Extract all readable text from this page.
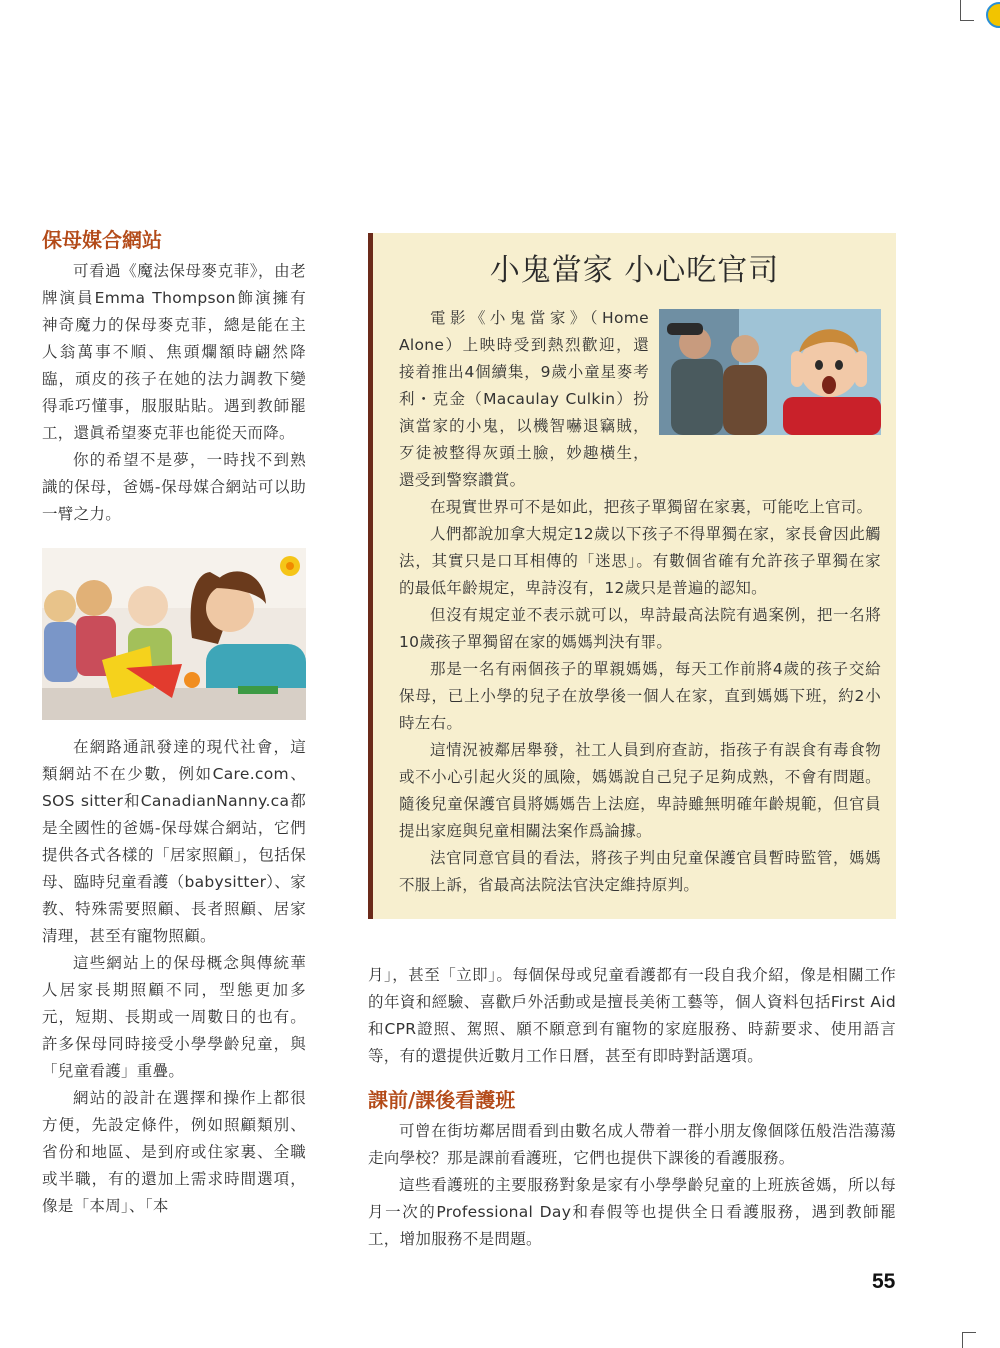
保母媒合網站

可看過《魔法保母麥克菲》，由老牌演員Emma Thompson飾演擁有神奇魔力的保母麥克菲，總是能在主人翁萬事不順、焦頭爛額時翩然降臨，頑皮的孩子在她的法力調教下變得乖巧懂事，服服貼貼。遇到教師罷工，還眞希望麥克菲也能從天而降。

你的希望不是夢，一時找不到熟識的保母，爸媽-保母媒合網站可以助一臂之力。

在網路通訊發達的現代社會，這類網站不在少數，例如Care.com、SOS sitter和CanadianNanny.ca都是全國性的爸媽-保母媒合網站，它們提供各式各樣的「居家照顧」，包括保母、臨時兒童看護（babysitter）、家教、特殊需要照顧、長者照顧、居家清理，甚至有寵物照顧。

這些網站上的保母概念與傳統華人居家長期照顧不同，型態更加多元，短期、長期或一周數日的也有。許多保母同時接受小學學齡兒童，與「兒童看護」重疊。

網站的設計在選擇和操作上都很方便，先設定條件，例如照顧類別、省份和地區、是到府或住家裏、全職或半職，有的還加上需求時間選項，像是「本周」、「本

小鬼當家 小心吃官司

電影《小鬼當家》（Home Alone）上映時受到熱烈歡迎，還接着推出4個續集，9歲小童星麥考利・克金（Macaulay Culkin）扮演當家的小鬼，以機智嚇退竊賊，歹徒被整得灰頭土臉，妙趣橫生，還受到警察讚賞。

在現實世界可不是如此，把孩子單獨留在家裏，可能吃上官司。

人們都說加拿大規定12歲以下孩子不得單獨在家，家長會因此觸法，其實只是口耳相傳的「迷思」。有數個省確有允許孩子單獨在家的最低年齡規定，卑詩沒有，12歲只是普遍的認知。

但沒有規定並不表示就可以，卑詩最高法院有過案例，把一名將10歲孩子單獨留在家的媽媽判決有罪。

那是一名有兩個孩子的單親媽媽，每天工作前將4歲的孩子交給保母，已上小學的兒子在放學後一個人在家，直到媽媽下班，約2小時左右。

這情況被鄰居舉發，社工人員到府查訪，指孩子有誤食有毒食物或不小心引起火災的風險，媽媽說自己兒子足夠成熟，不會有問題。隨後兒童保護官員將媽媽告上法庭，卑詩雖無明確年齡規範，但官員提出家庭與兒童相關法案作爲論據。

法官同意官員的看法，將孩子判由兒童保護官員暫時監管，媽媽不服上訴，省最高法院法官決定維持原判。

月」，甚至「立即」。每個保母或兒童看護都有一段自我介紹，像是相關工作的年資和經驗、喜歡戶外活動或是擅長美術工藝等，個人資料包括First Aid和CPR證照、駕照、願不願意到有寵物的家庭服務、時薪要求、使用語言等，有的還提供近數月工作日曆，甚至有即時對話選項。

課前/課後看護班

可曾在街坊鄰居間看到由數名成人帶着一群小朋友像個隊伍般浩浩蕩蕩走向學校？那是課前看護班，它們也提供下課後的看護服務。

這些看護班的主要服務對象是家有小學學齡兒童的上班族爸媽，所以每月一次的Professional Day和春假等也提供全日看護服務，遇到教師罷工，增加服務不是問題。

55
